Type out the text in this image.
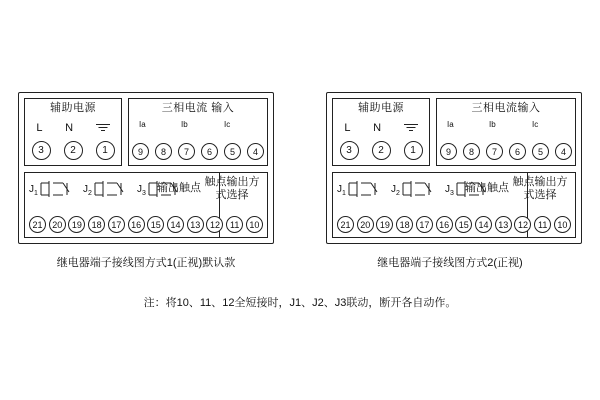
辅助电源
L N
3	2	1
三相电流 输入
Ia	Ib	Ic
9	8	7	6	5	4
$J_1$	$J_2$	$J_3$	输出触点 触点输出方式选择
21	20	19	18	17	16	15	14	13	12	11	10
辅助电源
L N
3	2	1
三相电流输入
Ia	Ib	Ic
9	8	7	6	5	4
$J_1$	$J_2$	$J_3$	输出触点 触点输出方式选择
21	20	19	18	17	16	15	14	13	12	11	10
继电器端子接线图方式1(正视)默认款	继电器端子接线图方式2(正视)
注：将10、11、12全短接时，J1、J2、J3联动，断开各自动作。
